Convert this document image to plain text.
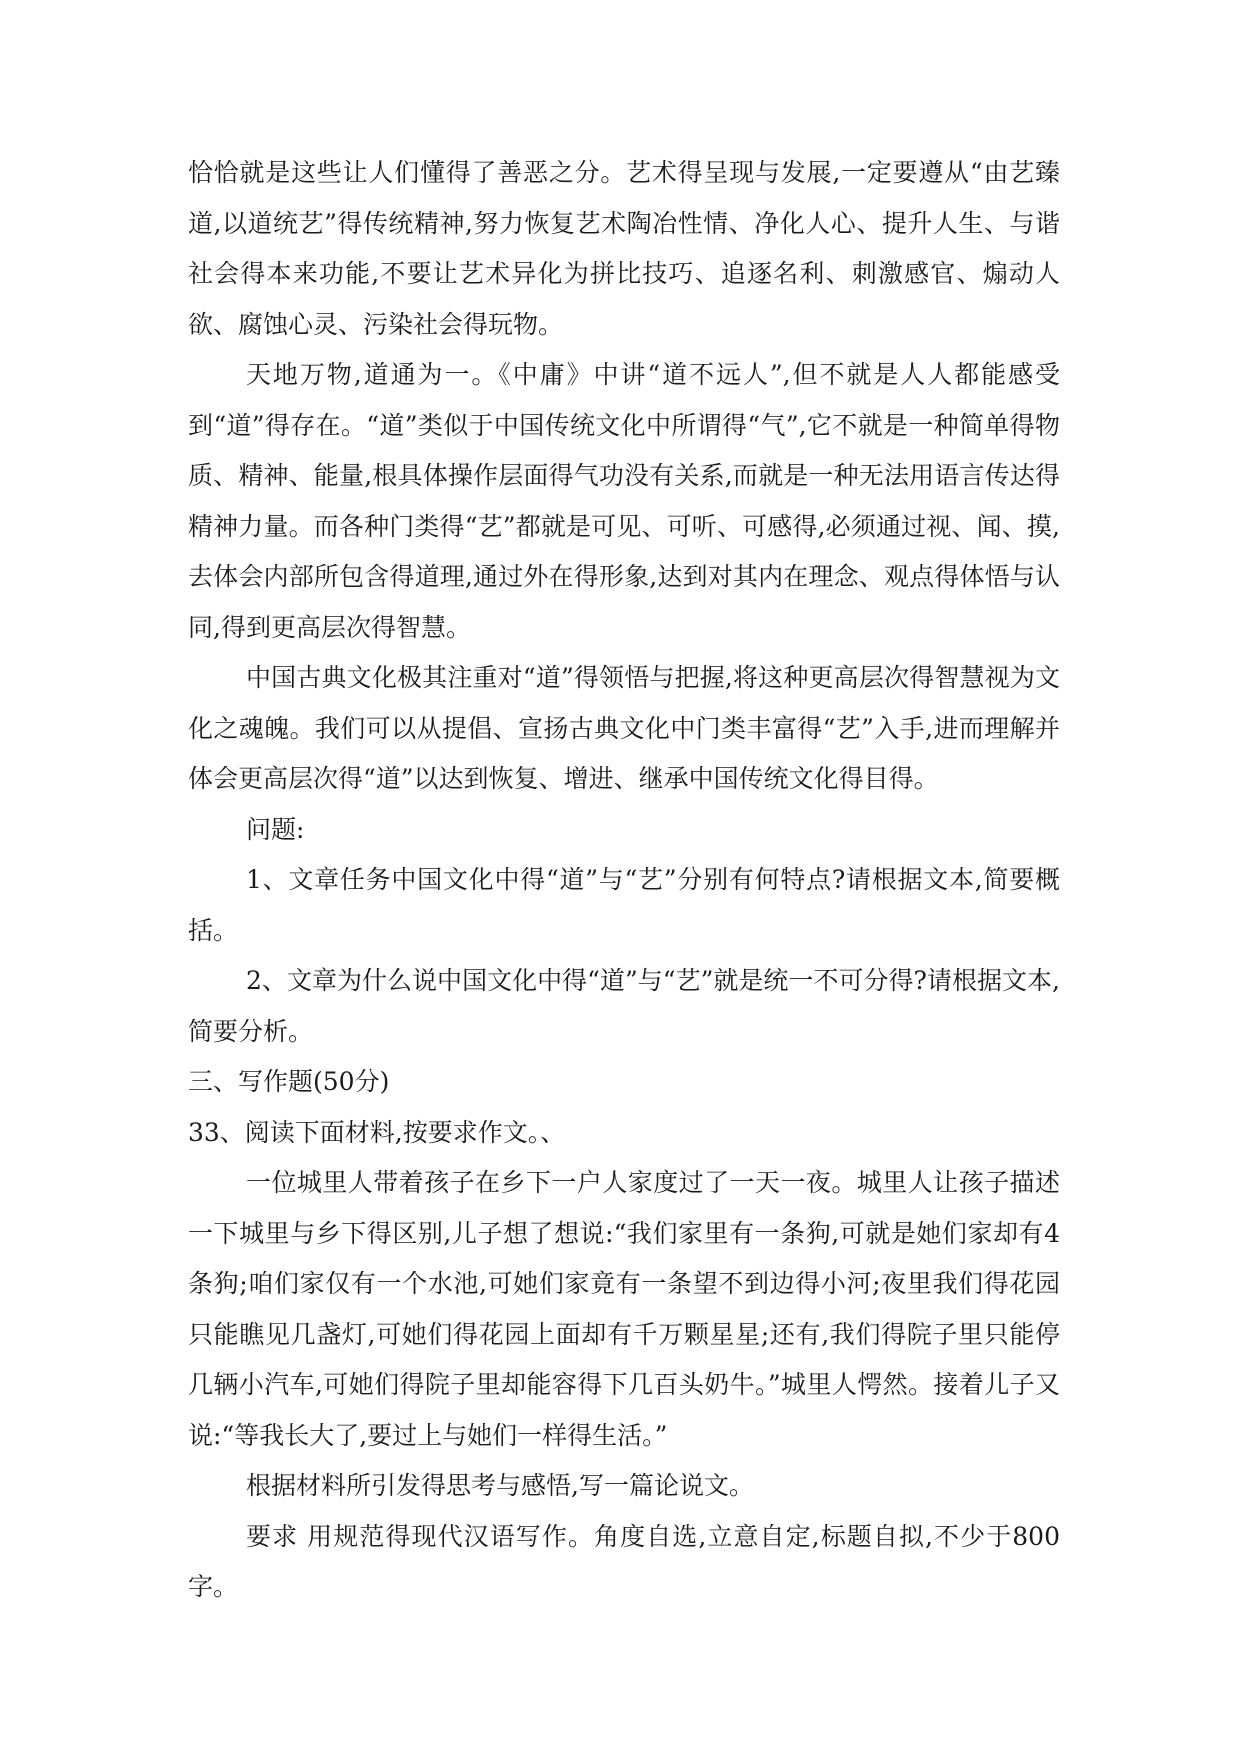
恰恰就是这些让人们懂得了善恶之分。艺术得呈现与发展,一定要遵从“由艺臻道,以道统艺”得传统精神,努力恢复艺术陶冶性情、净化人心、提升人生、与谐社会得本来功能,不要让艺术异化为拼比技巧、追逐名利、刺激感官、煽动人欲、腐蚀心灵、污染社会得玩物。

天地万物,道通为一。《中庸》中讲“道不远人”,但不就是人人都能感受到“道”得存在。“道”类似于中国传统文化中所谓得“气”,它不就是一种简单得物质、精神、能量,根具体操作层面得气功没有关系,而就是一种无法用语言传达得精神力量。而各种门类得“艺”都就是可见、可听、可感得,必须通过视、闻、摸,去体会内部所包含得道理,通过外在得形象,达到对其内在理念、观点得体悟与认同,得到更高层次得智慧。

中国古典文化极其注重对“道”得领悟与把握,将这种更高层次得智慧视为文化之魂魄。我们可以从提倡、宣扬古典文化中门类丰富得“艺”入手,进而理解并体会更高层次得“道”以达到恢复、增进、继承中国传统文化得目得。

问题:

1、文章任务中国文化中得“道”与“艺”分别有何特点?请根据文本,简要概括。

2、文章为什么说中国文化中得“道”与“艺”就是统一不可分得?请根据文本,简要分析。

三、写作题(50分)

33、阅读下面材料,按要求作文。、

一位城里人带着孩子在乡下一户人家度过了一天一夜。城里人让孩子描述一下城里与乡下得区别,儿子想了想说:“我们家里有一条狗,可就是她们家却有4条狗;咱们家仅有一个水池,可她们家竟有一条望不到边得小河;夜里我们得花园只能瞧见几盏灯,可她们得花园上面却有千万颗星星;还有,我们得院子里只能停几辆小汽车,可她们得院子里却能容得下几百头奶牛。”城里人愕然。接着儿子又说:“等我长大了,要过上与她们一样得生活。”

根据材料所引发得思考与感悟,写一篇论说文。

要求 用规范得现代汉语写作。角度自选,立意自定,标题自拟,不少于800字。
